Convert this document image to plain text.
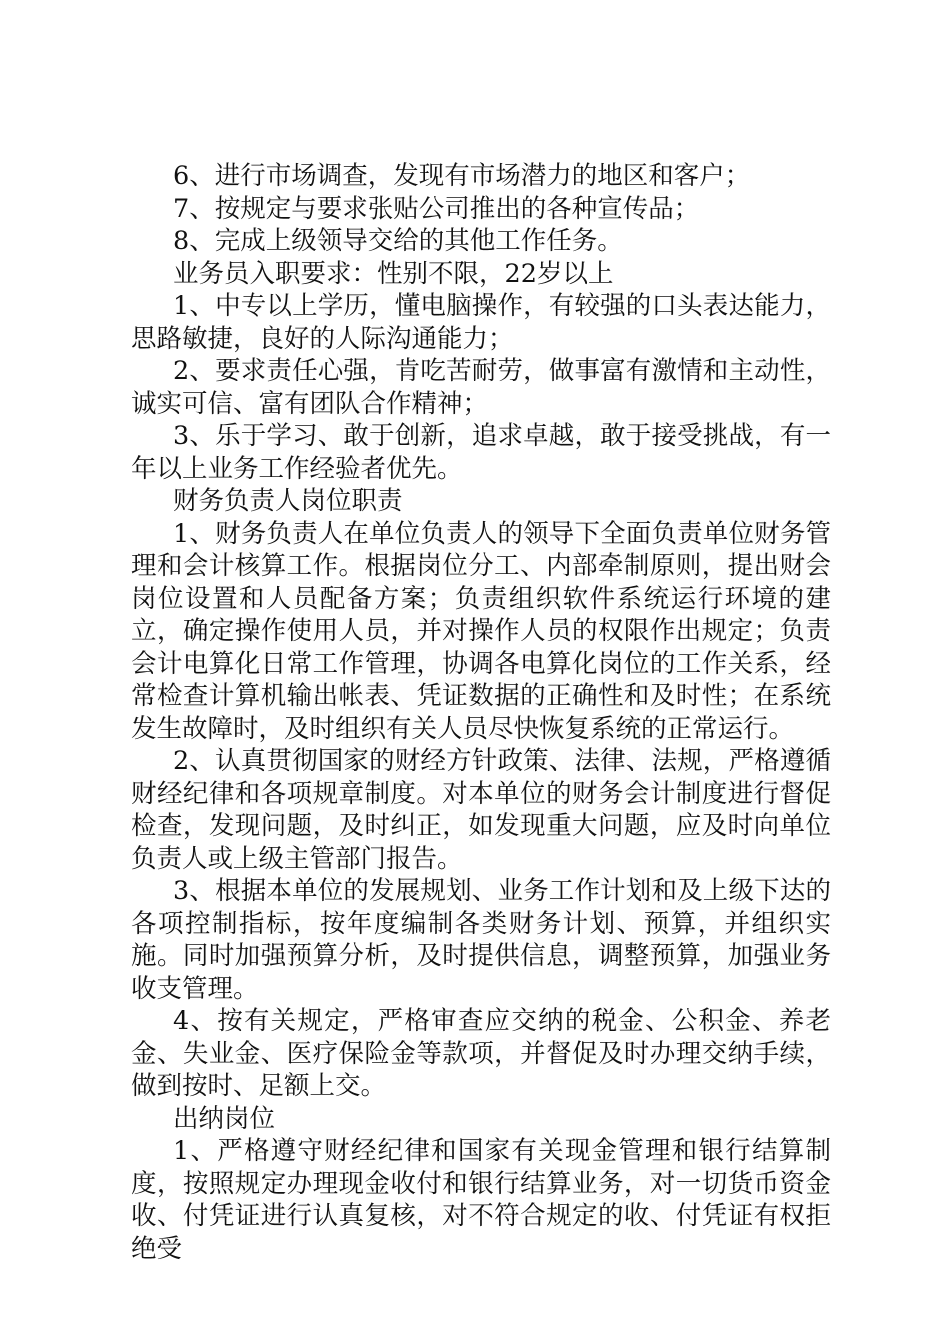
6、进行市场调查，发现有市场潜力的地区和客户；

7、按规定与要求张贴公司推出的各种宣传品；

8、完成上级领导交给的其他工作任务。

业务员入职要求：性别不限，22岁以上

1、中专以上学历，懂电脑操作，有较强的口头表达能力，思路敏捷，良好的人际沟通能力；

2、要求责任心强，肯吃苦耐劳，做事富有激情和主动性，诚实可信、富有团队合作精神；

3、乐于学习、敢于创新，追求卓越，敢于接受挑战，有一年以上业务工作经验者优先。

财务负责人岗位职责

1、财务负责人在单位负责人的领导下全面负责单位财务管理和会计核算工作。根据岗位分工、内部牵制原则，提出财会岗位设置和人员配备方案；负责组织软件系统运行环境的建立，确定操作使用人员，并对操作人员的权限作出规定；负责会计电算化日常工作管理，协调各电算化岗位的工作关系，经常检查计算机输出帐表、凭证数据的正确性和及时性；在系统发生故障时，及时组织有关人员尽快恢复系统的正常运行。

2、认真贯彻国家的财经方针政策、法律、法规，严格遵循财经纪律和各项规章制度。对本单位的财务会计制度进行督促检查，发现问题，及时纠正，如发现重大问题，应及时向单位负责人或上级主管部门报告。

3、根据本单位的发展规划、业务工作计划和及上级下达的各项控制指标，按年度编制各类财务计划、预算，并组织实施。同时加强预算分析，及时提供信息，调整预算，加强业务收支管理。

4、按有关规定，严格审查应交纳的税金、公积金、养老金、失业金、医疗保险金等款项，并督促及时办理交纳手续，做到按时、足额上交。

出纳岗位

1、严格遵守财经纪律和国家有关现金管理和银行结算制度，按照规定办理现金收付和银行结算业务，对一切货币资金收、付凭证进行认真复核，对不符合规定的收、付凭证有权拒绝受
